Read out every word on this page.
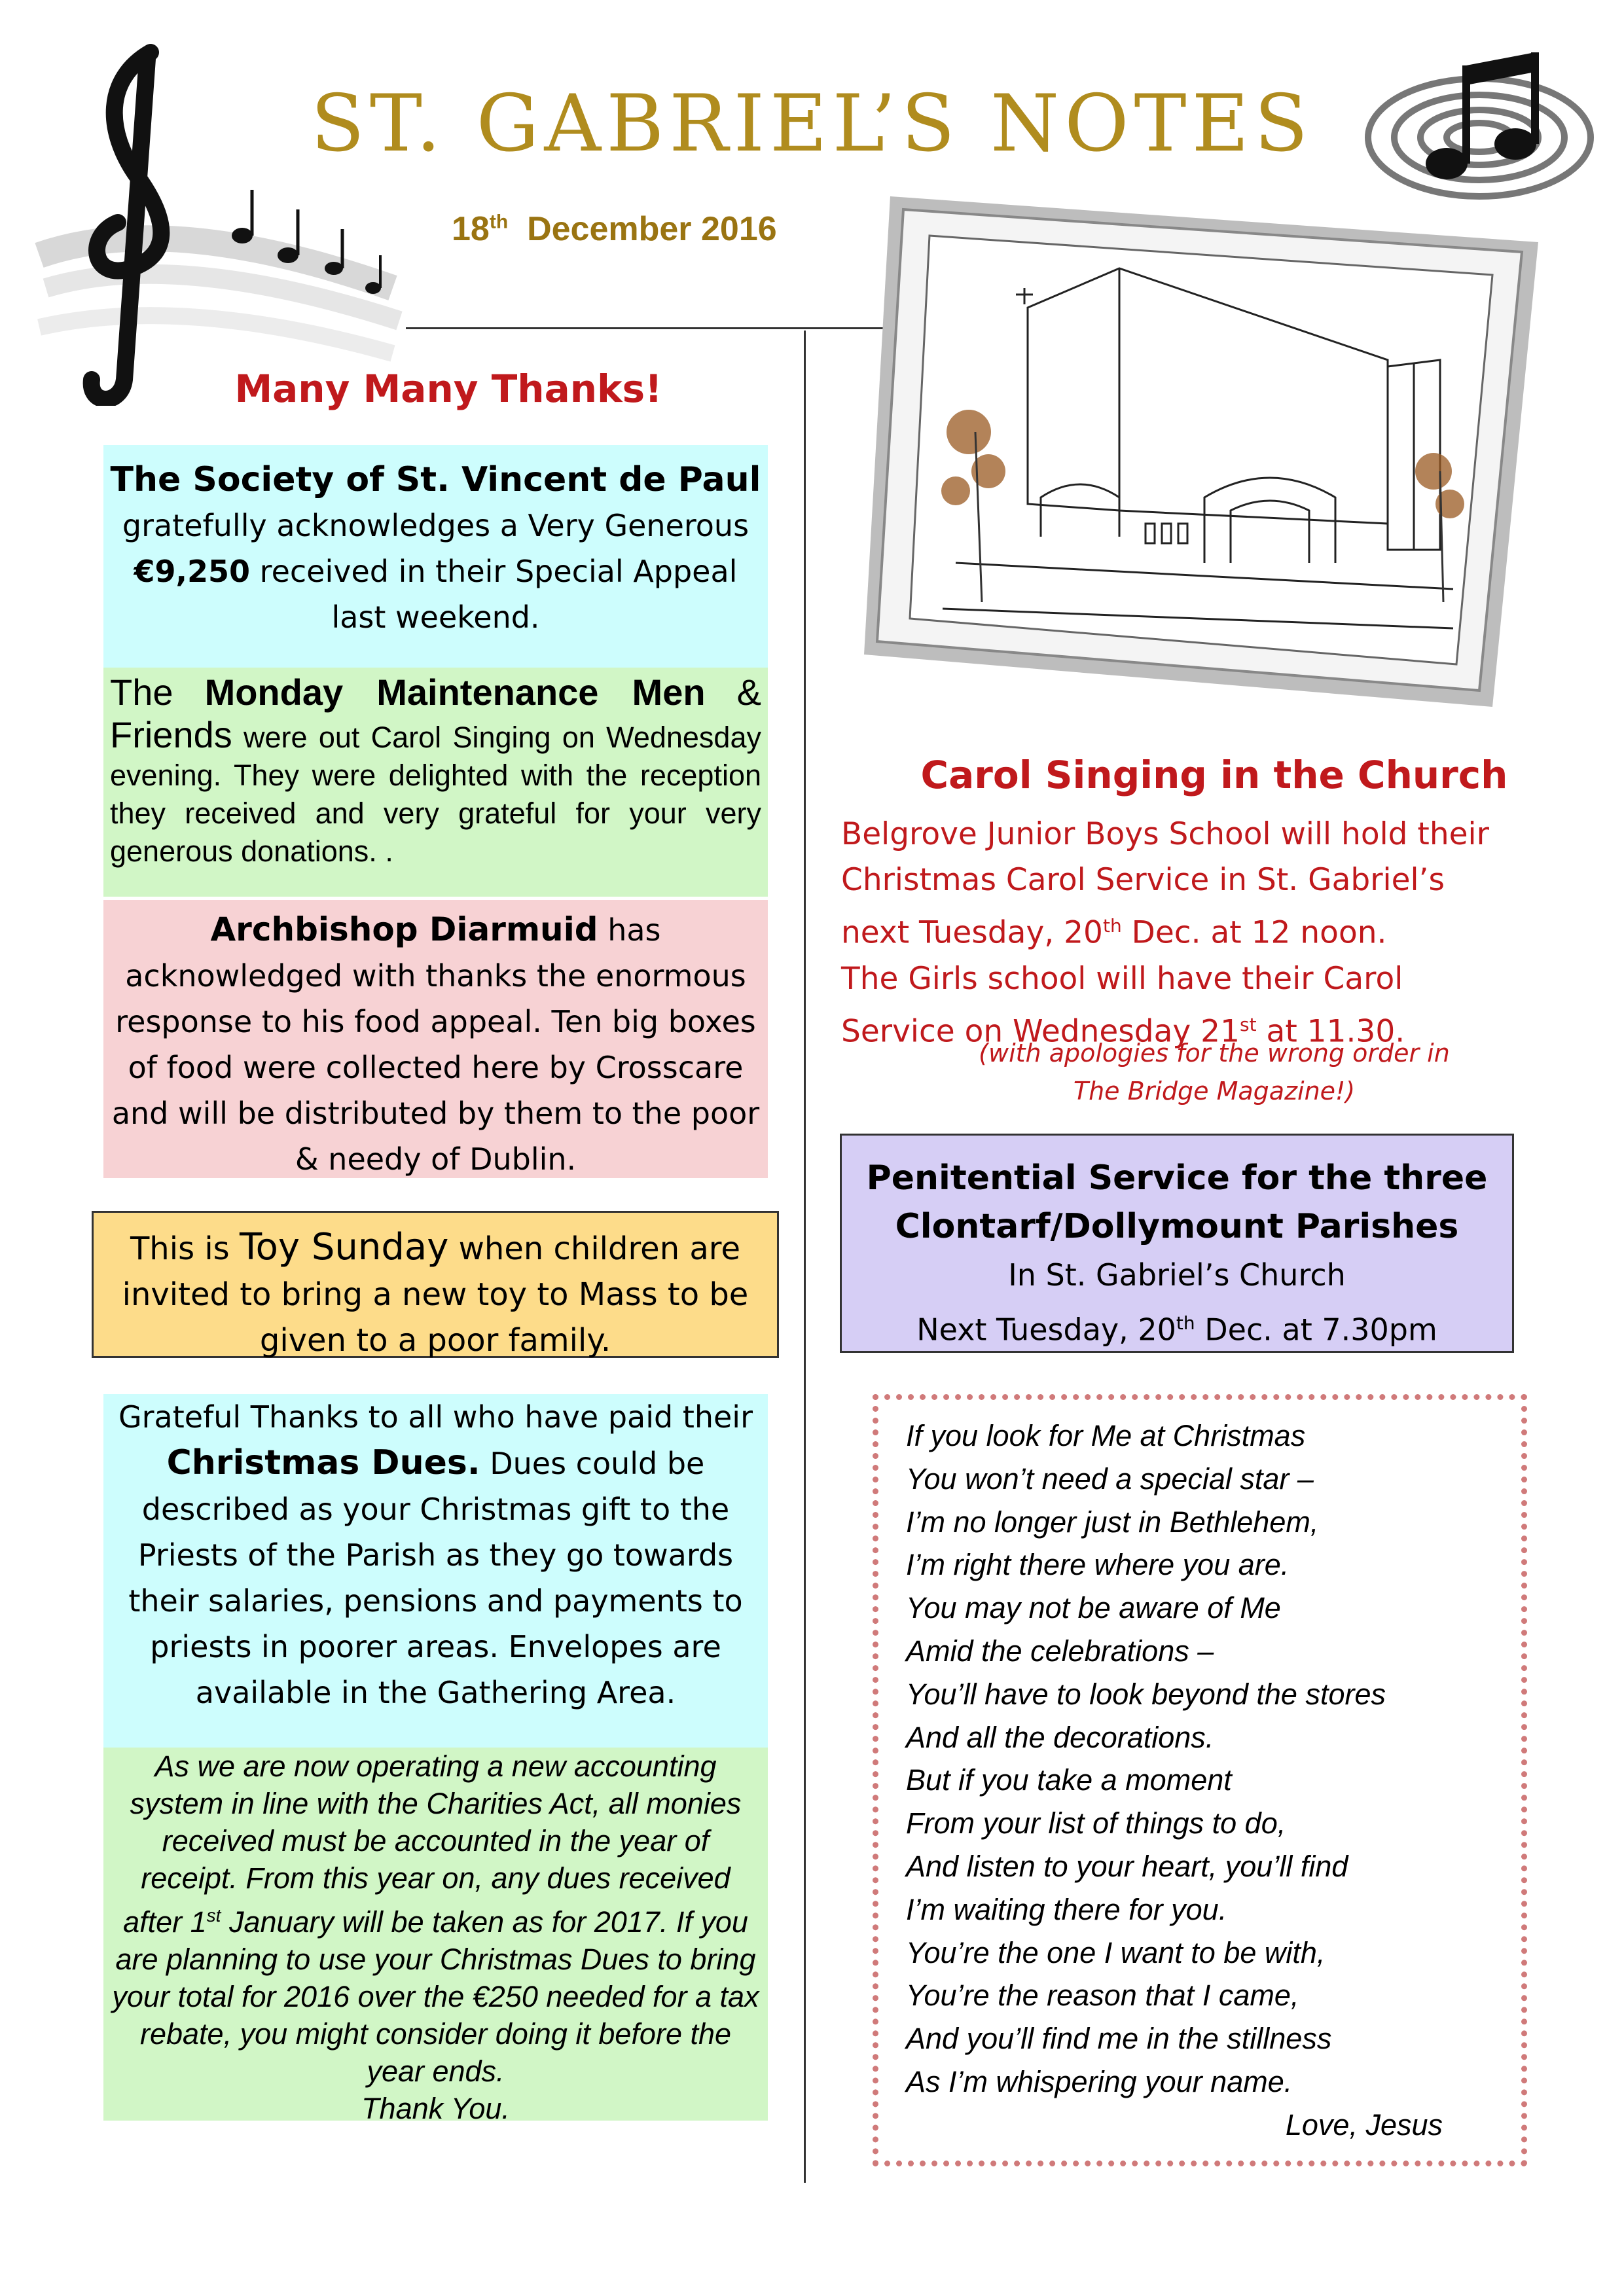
ST. GABRIEL’S NOTES
18th December 2016
Many Many Thanks!
The Society of St. Vincent de Paul
gratefully acknowledges a Very Generous
€9,250 received in their Special Appeal
last weekend.
The Monday Maintenance Men & Friends were out Carol Singing on Wednesday evening. They were delighted with the reception they received and very grateful for your very generous donations. .
Archbishop Diarmuid has acknowledged with thanks the enormous response to his food appeal. Ten big boxes of food were collected here by Crosscare and will be distributed by them to the poor & needy of Dublin.
This is Toy Sunday when children are invited to bring a new toy to Mass to be given to a poor family.
Grateful Thanks to all who have paid their
Christmas Dues. Dues could be described as your Christmas gift to the Priests of the Parish as they go towards their salaries, pensions and payments to priests in poorer areas. Envelopes are available in the Gathering Area.
As we are now operating a new accounting system in line with the Charities Act, all monies received must be accounted in the year of receipt. From this year on, any dues received after 1st January will be taken as for 2017. If you are planning to use your Christmas Dues to bring your total for 2016 over the €250 needed for a tax rebate, you might consider doing it before the year ends.
Thank You.
Carol Singing in the Church
Belgrove Junior Boys School will hold their
Christmas Carol Service in St. Gabriel’s
next Tuesday, 20th Dec. at 12 noon.
The Girls school will have their Carol
Service on Wednesday 21st at 11.30.
(with apologies for the wrong order in
The Bridge Magazine!)
Penitential Service for the three
Clontarf/Dollymount Parishes
In St. Gabriel’s Church
Next Tuesday, 20th Dec. at 7.30pm
If you look for Me at Christmas
You won’t need a special star –
I’m no longer just in Bethlehem,
I’m right there where you are.
You may not be aware of Me
Amid the celebrations –
You’ll have to look beyond the stores
And all the decorations.
But if you take a moment
From your list of things to do,
And listen to your heart, you’ll find
I’m waiting there for you.
You’re the one I want to be with,
You’re the reason that I came,
And you’ll find me in the stillness
As I’m whispering your name.
Love, Jesus
